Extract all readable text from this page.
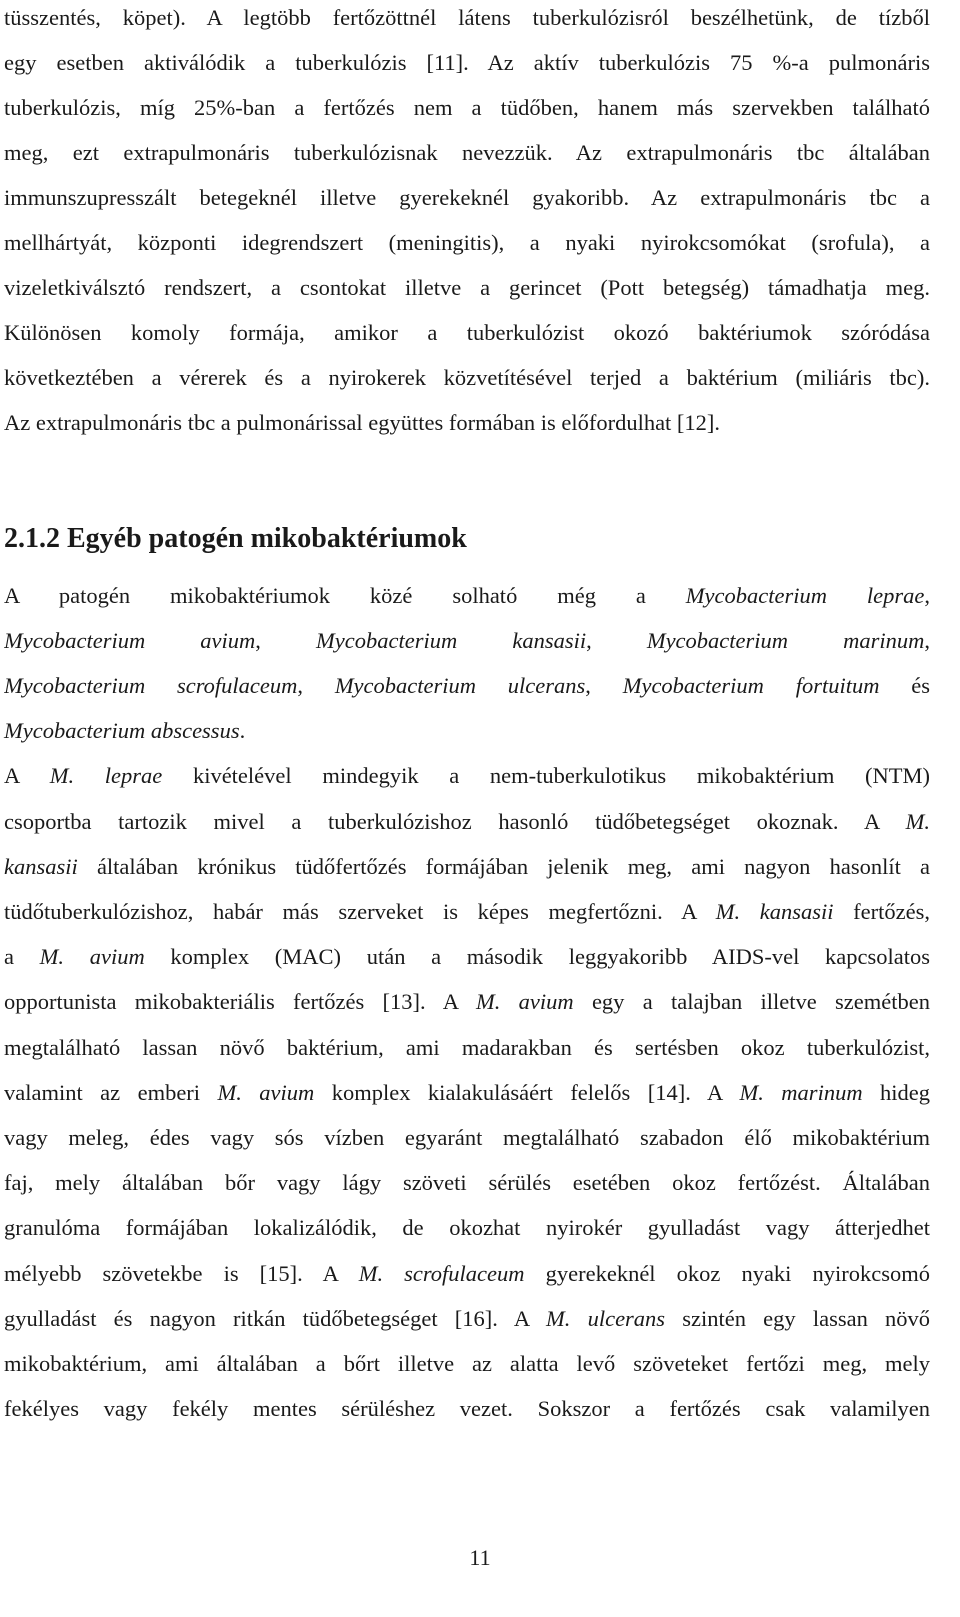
tüsszentés, köpet). A legtöbb fertőzöttnél látens tuberkulózisról beszélhetünk, de tízből
egy esetben aktiválódik a tuberkulózis [11]. Az aktív tuberkulózis 75 %-a pulmonáris
tuberkulózis, míg 25%-ban a fertőzés nem a tüdőben, hanem más szervekben található
meg, ezt extrapulmonáris tuberkulózisnak nevezzük. Az extrapulmonáris tbc általában
immunszupresszált betegeknél illetve gyerekeknél gyakoribb. Az extrapulmonáris tbc a
mellhártyát, központi idegrendszert (meningitis), a nyaki nyirokcsomókat (srofula), a
vizeletkiválsztó rendszert, a csontokat illetve a gerincet (Pott betegség) támadhatja meg.
Különösen komoly formája, amikor a tuberkulózist okozó baktériumok szóródása
következtében a vérerek és a nyirokerek közvetítésével terjed a baktérium (miliáris tbc).
Az extrapulmonáris tbc a pulmonárissal együttes formában is előfordulhat [12].
2.1.2 Egyéb patogén mikobaktériumok
A patogén mikobaktériumok közé solható még a Mycobacterium leprae,
Mycobacterium avium, Mycobacterium kansasii, Mycobacterium marinum,
Mycobacterium scrofulaceum, Mycobacterium ulcerans, Mycobacterium fortuitum és
Mycobacterium abscessus.
A M. leprae kivételével mindegyik a nem-tuberkulotikus mikobaktérium (NTM)
csoportba tartozik mivel a tuberkulózishoz hasonló tüdőbetegséget okoznak. A M.
kansasii általában krónikus tüdőfertőzés formájában jelenik meg, ami nagyon hasonlít a
tüdőtuberkulózishoz, habár más szerveket is képes megfertőzni. A M. kansasii fertőzés,
a M. avium komplex (MAC) után a második leggyakoribb AIDS-vel kapcsolatos
opportunista mikobakteriális fertőzés [13]. A M. avium egy a talajban illetve szemétben
megtalálható lassan növő baktérium, ami madarakban és sertésben okoz tuberkulózist,
valamint az emberi M. avium komplex kialakulásáért felelős [14]. A M. marinum hideg
vagy meleg, édes vagy sós vízben egyaránt megtalálható szabadon élő mikobaktérium
faj, mely általában bőr vagy lágy szöveti sérülés esetében okoz fertőzést. Általában
granulóma formájában lokalizálódik, de okozhat nyirokér gyulladást vagy átterjedhet
mélyebb szövetekbe is [15]. A M. scrofulaceum gyerekeknél okoz nyaki nyirokcsomó
gyulladást és nagyon ritkán tüdőbetegséget [16]. A M. ulcerans szintén egy lassan növő
mikobaktérium, ami általában a bőrt illetve az alatta levő szöveteket fertőzi meg, mely
fekélyes vagy fekély mentes sérüléshez vezet. Sokszor a fertőzés csak valamilyen
11
